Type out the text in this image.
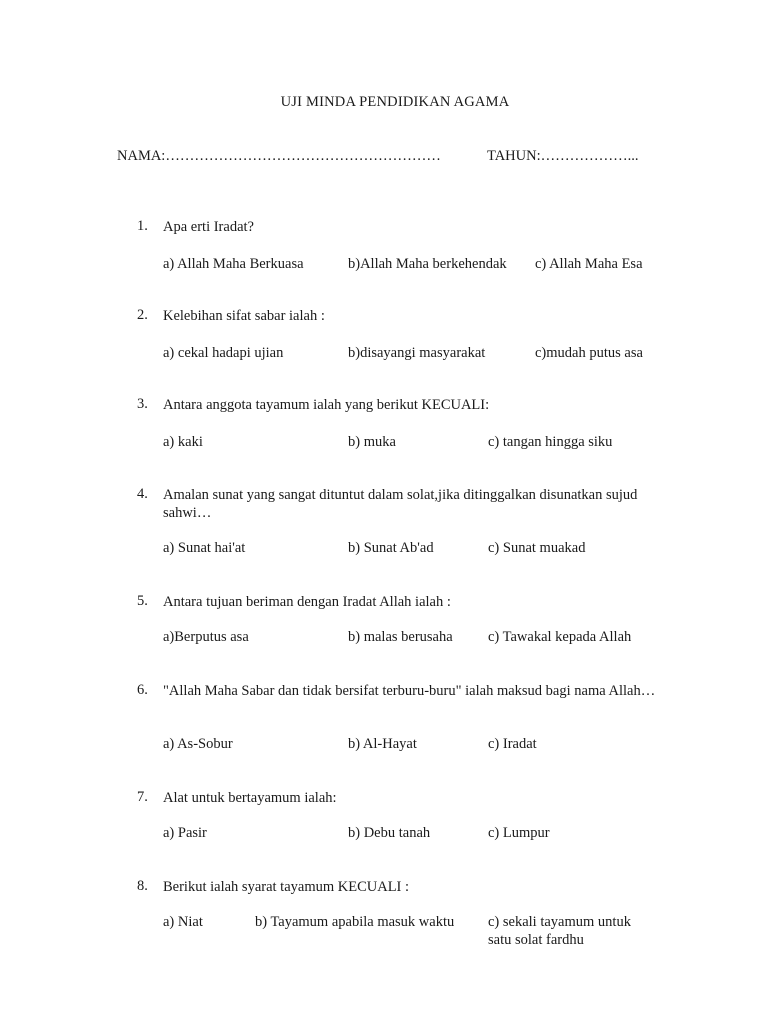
UJI MINDA PENDIDIKAN AGAMA
NAMA:…………………………………………………	TAHUN:………………...
1. Apa erti Iradat?
a) Allah Maha Berkuasa	b)Allah Maha berkehendak c) Allah Maha Esa
2. Kelebihan sifat sabar ialah :
a) cekal hadapi ujian	b)disayangi masyarakat	c)mudah putus asa
3. Antara anggota tayamum ialah yang berikut KECUALI:
a) kaki	b) muka	c) tangan hingga siku
4. Amalan sunat yang sangat dituntut dalam solat,jika ditinggalkan disunatkan sujud sahwi…
a) Sunat hai'at	b) Sunat Ab'ad	c) Sunat muakad
5. Antara tujuan beriman dengan Iradat Allah ialah :
a)Berputus asa	b) malas berusaha c) Tawakal kepada Allah
6. "Allah Maha Sabar dan tidak bersifat terburu-buru" ialah maksud bagi nama Allah…
a) As-Sobur	b) Al-Hayat	c) Iradat
7. Alat untuk bertayamum ialah:
a) Pasir	b) Debu tanah	c) Lumpur
8. Berikut ialah syarat tayamum KECUALI :
a) Niat	b) Tayamum apabila masuk waktu	c) sekali tayamum untuk satu solat fardhu
